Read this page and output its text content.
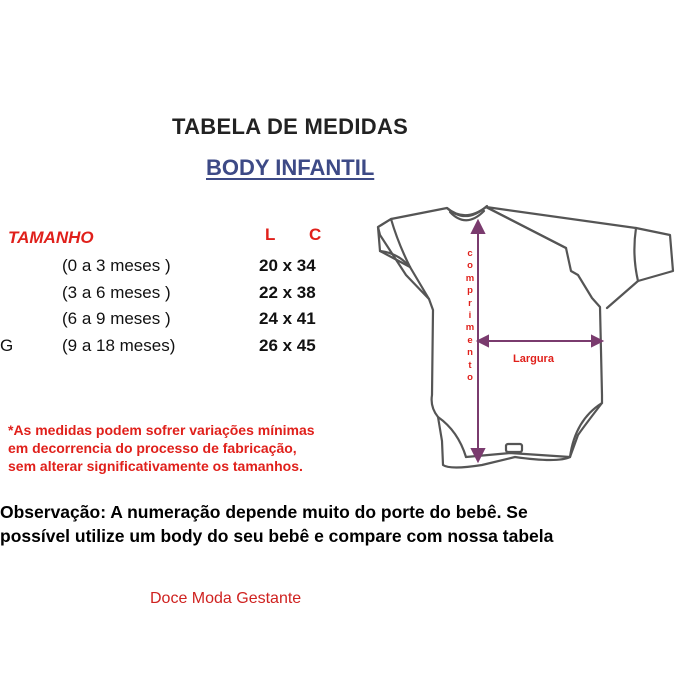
TABELA DE MEDIDAS
BODY INFANTIL
TAMANHO	L C
(0 a 3 meses )	20 x 34
(3 a 6 meses )	22 x 38
(6 a 9 meses )	24 x 41
G	(9 a 18 meses)	26 x 45
*As medidas podem sofrer variações mínimas
em decorrencia do processo de fabricação,
sem alterar significativamente os tamanhos.
Observação: A numeração depende muito do porte do bebê. Se
possível utilize um body do seu bebê e compare com nossa tabela
Doce Moda Gestante
Largura
c
o
m
p
r
i
m
e
n
t
o
